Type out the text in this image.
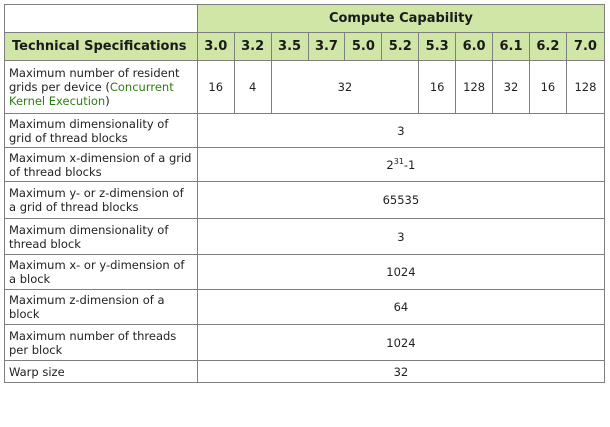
	Compute Capability										
Technical Specifications	3.0	3.2	3.5	3.7	5.0	5.2	5.3	6.0	6.1	6.2	7.0
Maximum number of resident grids per device (Concurrent Kernel Execution)	16	4	32				16	128	32	16	128
Maximum dimensionality of grid of thread blocks	3										
Maximum x-dimension of a grid of thread blocks	$2^{31}-1$										
Maximum y- or z-dimension of a grid of thread blocks	65535										
Maximum dimensionality of thread block	3										
Maximum x- or y-dimension of a block	1024										
Maximum z-dimension of a block	64										
Maximum number of threads per block	1024										
Warp size	32										
